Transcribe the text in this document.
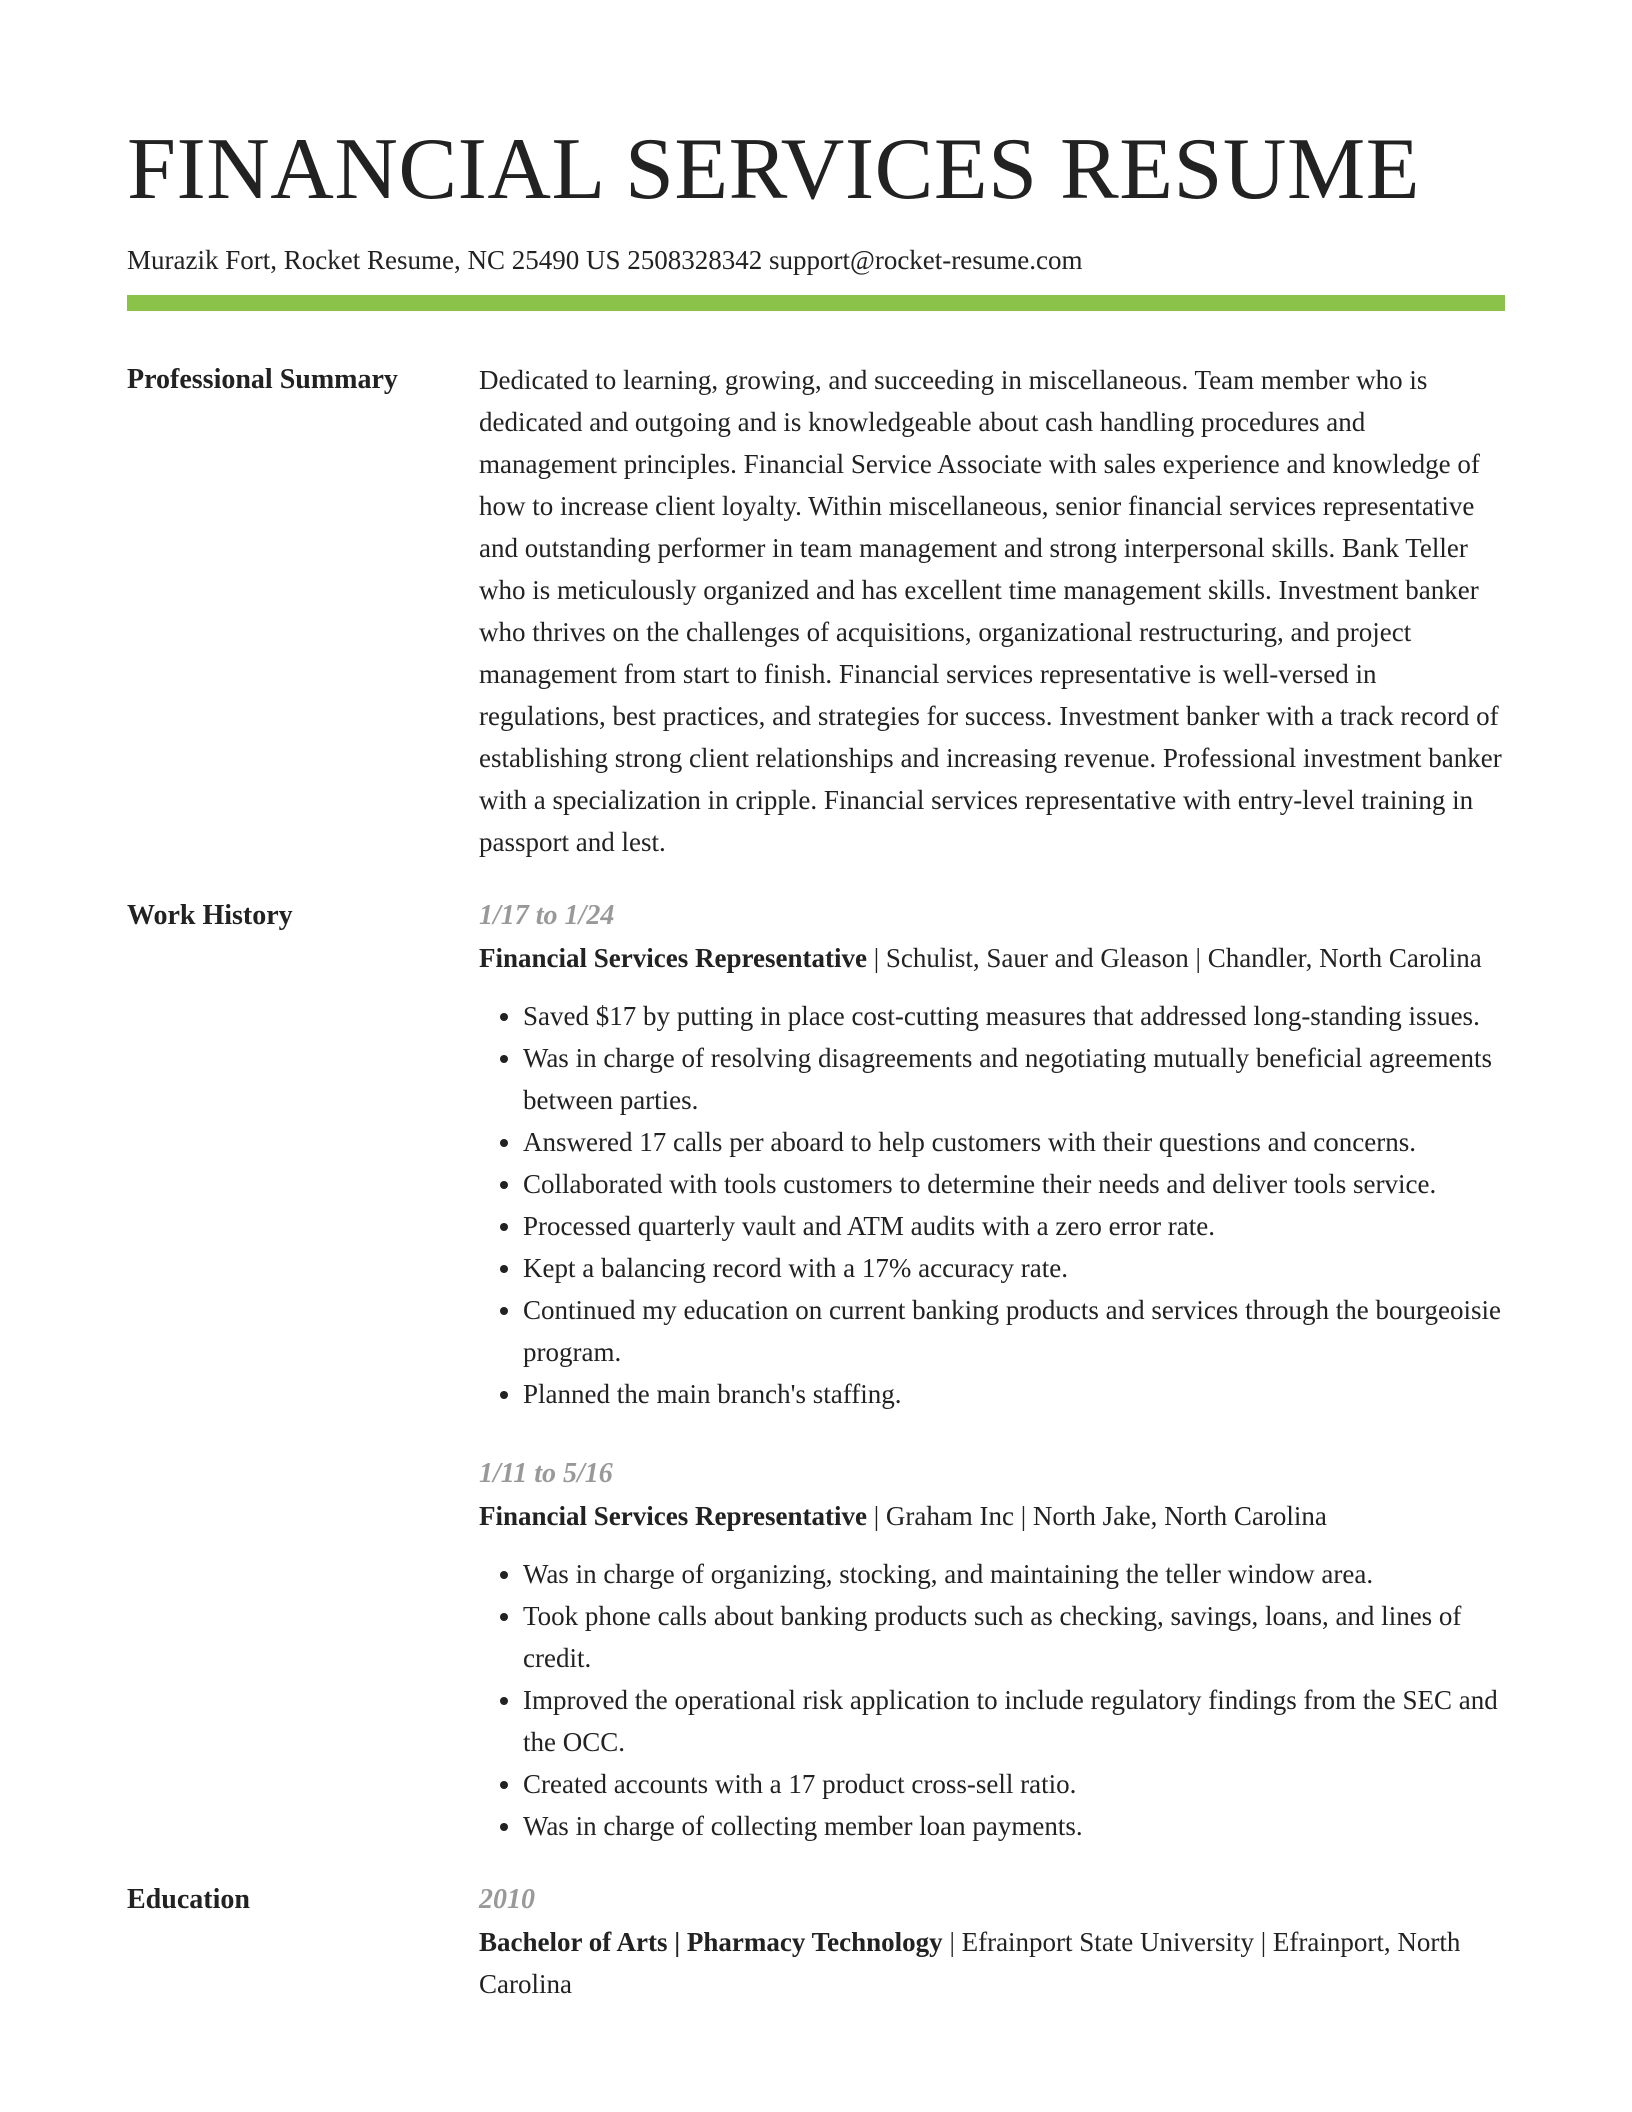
FINANCIAL SERVICES RESUME
Murazik Fort, Rocket Resume, NC 25490 US 2508328342 support@rocket-resume.com
Professional Summary	Dedicated to learning, growing, and succeeding in miscellaneous. Team member who is dedicated and outgoing and is knowledgeable about cash handling procedures and management principles. Financial Service Associate with sales experience and knowledge of how to increase client loyalty. Within miscellaneous, senior financial services representative and outstanding performer in team management and strong interpersonal skills. Bank Teller who is meticulously organized and has excellent time management skills. Investment banker who thrives on the challenges of acquisitions, organizational restructuring, and project management from start to finish. Financial services representative is well-versed in regulations, best practices, and strategies for success. Investment banker with a track record of establishing strong client relationships and increasing revenue. Professional investment banker with a specialization in cripple. Financial services representative with entry-level training in passport and lest.

Work History	1/17 to 1/24

Financial Services Representative | Schulist, Sauer and Gleason | Chandler, North Carolina

• Saved $17 by putting in place cost-cutting measures that addressed long-standing issues.
• Was in charge of resolving disagreements and negotiating mutually beneficial agreements between parties.
• Answered 17 calls per aboard to help customers with their questions and concerns.
• Collaborated with tools customers to determine their needs and deliver tools service.
• Processed quarterly vault and ATM audits with a zero error rate.
• Kept a balancing record with a 17% accuracy rate.
• Continued my education on current banking products and services through the bourgeoisie program.
• Planned the main branch's staffing.
1/11 to 5/16

Financial Services Representative | Graham Inc | North Jake, North Carolina

• Was in charge of organizing, stocking, and maintaining the teller window area.
• Took phone calls about banking products such as checking, savings, loans, and lines of credit.
• Improved the operational risk application to include regulatory findings from the SEC and the OCC.
• Created accounts with a 17 product cross-sell ratio.
• Was in charge of collecting member loan payments.
Education	2010

Bachelor of Arts | Pharmacy Technology | Efrainport State University | Efrainport, North Carolina
